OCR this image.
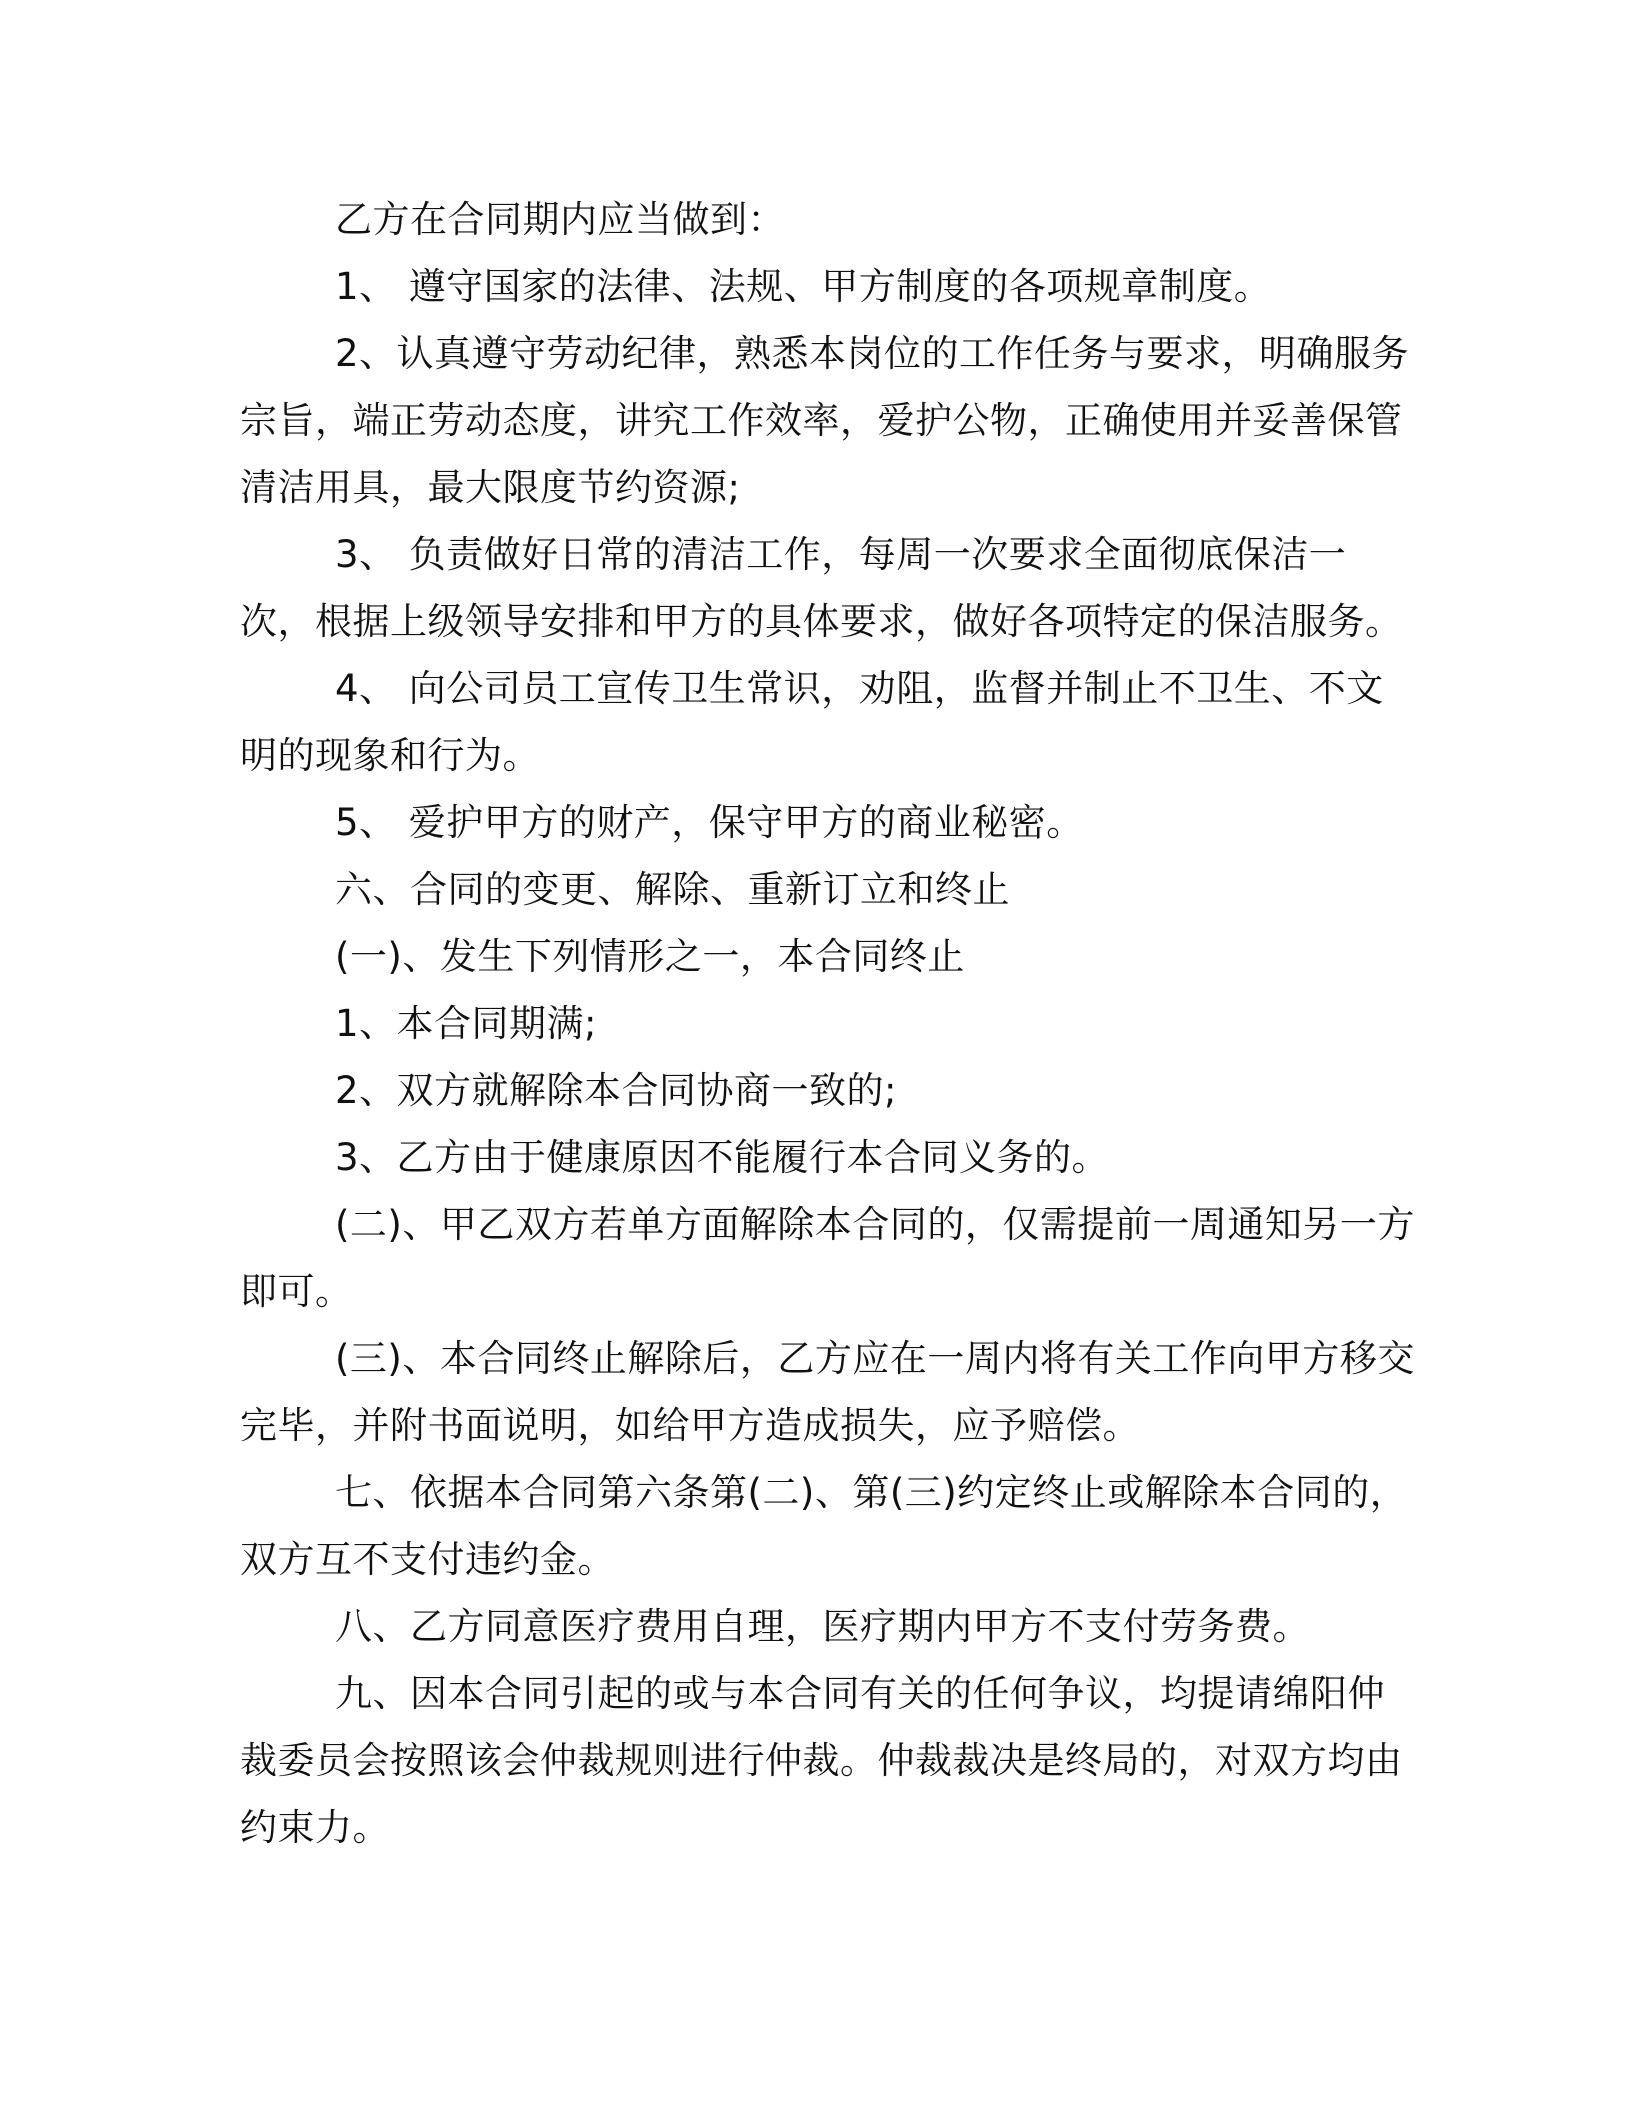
乙方在合同期内应当做到：

1、 遵守国家的法律、法规、甲方制度的各项规章制度。

2、认真遵守劳动纪律，熟悉本岗位的工作任务与要求，明确服务宗旨，端正劳动态度，讲究工作效率，爱护公物，正确使用并妥善保管清洁用具，最大限度节约资源;

3、 负责做好日常的清洁工作，每周一次要求全面彻底保洁一次，根据上级领导安排和甲方的具体要求，做好各项特定的保洁服务。

4、 向公司员工宣传卫生常识，劝阻，监督并制止不卫生、不文明的现象和行为。

5、 爱护甲方的财产，保守甲方的商业秘密。

六、合同的变更、解除、重新订立和终止

(一)、发生下列情形之一，本合同终止

1、本合同期满;

2、双方就解除本合同协商一致的;

3、乙方由于健康原因不能履行本合同义务的。

(二)、甲乙双方若单方面解除本合同的，仅需提前一周通知另一方即可。

(三)、本合同终止解除后，乙方应在一周内将有关工作向甲方移交完毕，并附书面说明，如给甲方造成损失，应予赔偿。

七、依据本合同第六条第(二)、第(三)约定终止或解除本合同的，双方互不支付违约金。

八、乙方同意医疗费用自理，医疗期内甲方不支付劳务费。

九、因本合同引起的或与本合同有关的任何争议，均提请绵阳仲裁委员会按照该会仲裁规则进行仲裁。仲裁裁决是终局的，对双方均由约束力。
